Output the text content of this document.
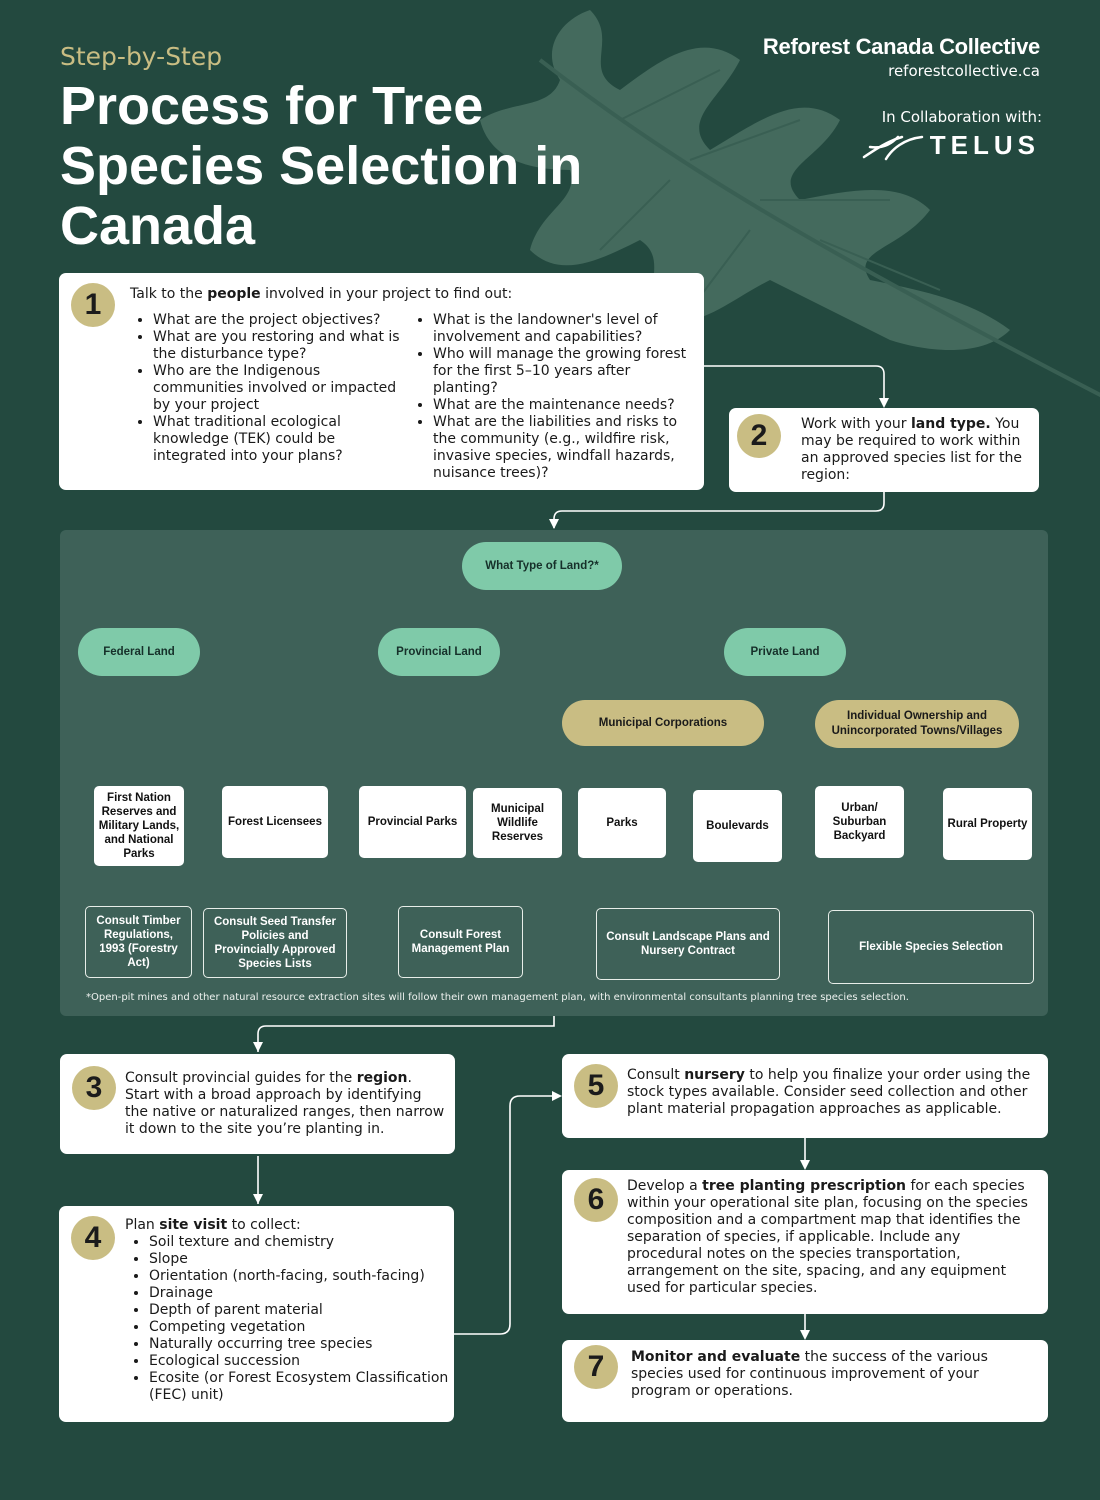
Step-by-Step
Process for Tree Species Selection in Canada
Reforest Canada Collective
reforestcollective.ca
In Collaboration with:
TELUS
1	Talk to the people involved in your project to find out:
• What are the project objectives?
• What are you restoring and what is the disturbance type?
• Who are the Indigenous communities involved or impacted by your project
• What traditional ecological knowledge (TEK) could be integrated into your plans?
• What is the landowner's level of involvement and capabilities?
• Who will manage the growing forest for the first 5–10 years after planting?
• What are the maintenance needs?
• What are the liabilities and risks to the community (e.g., wildfire risk, invasive species, windfall hazards, nuisance trees)?
2	Work with your land type. You may be required to work within an approved species list for the region:
What Type of Land?*
Federal Land	Provincial Land	Private Land
Municipal Corporations
Individual Ownership and Unincorporated Towns/Villages
First Nation Reserves and Military Lands, and National Parks
Forest Licensees	Provincial Parks
Municipal Wildlife Reserves
Parks	Boulevards
Urban/ Suburban Backyard
Rural Property
Consult Timber Regulations, 1993 (Forestry Act)
Consult Seed Transfer Policies and Provincially Approved Species Lists
Consult Forest Management Plan
Consult Landscape Plans and Nursery Contract	Flexible Species Selection
*Open-pit mines and other natural resource extraction sites will follow their own management plan, with environmental consultants planning tree species selection.
3	Consult provincial guides for the region. Start with a broad approach by identifying the native or naturalized ranges, then narrow it down to the site you’re planting in.
4	Plan site visit to collect:
• Soil texture and chemistry
• Slope
• Orientation (north-facing, south-facing)
• Drainage
• Depth of parent material
• Competing vegetation
• Naturally occurring tree species
• Ecological succession
• Ecosite (or Forest Ecosystem Classification (FEC) unit)
5	Consult nursery to help you finalize your order using the stock types available. Consider seed collection and other plant material propagation approaches as applicable.
6	Develop a tree planting prescription for each species within your operational site plan, focusing on the species composition and a compartment map that identifies the separation of species, if applicable. Include any procedural notes on the species transportation, arrangement on the site, spacing, and any equipment used for particular species.
7	Monitor and evaluate the success of the various species used for continuous improvement of your program or operations.
